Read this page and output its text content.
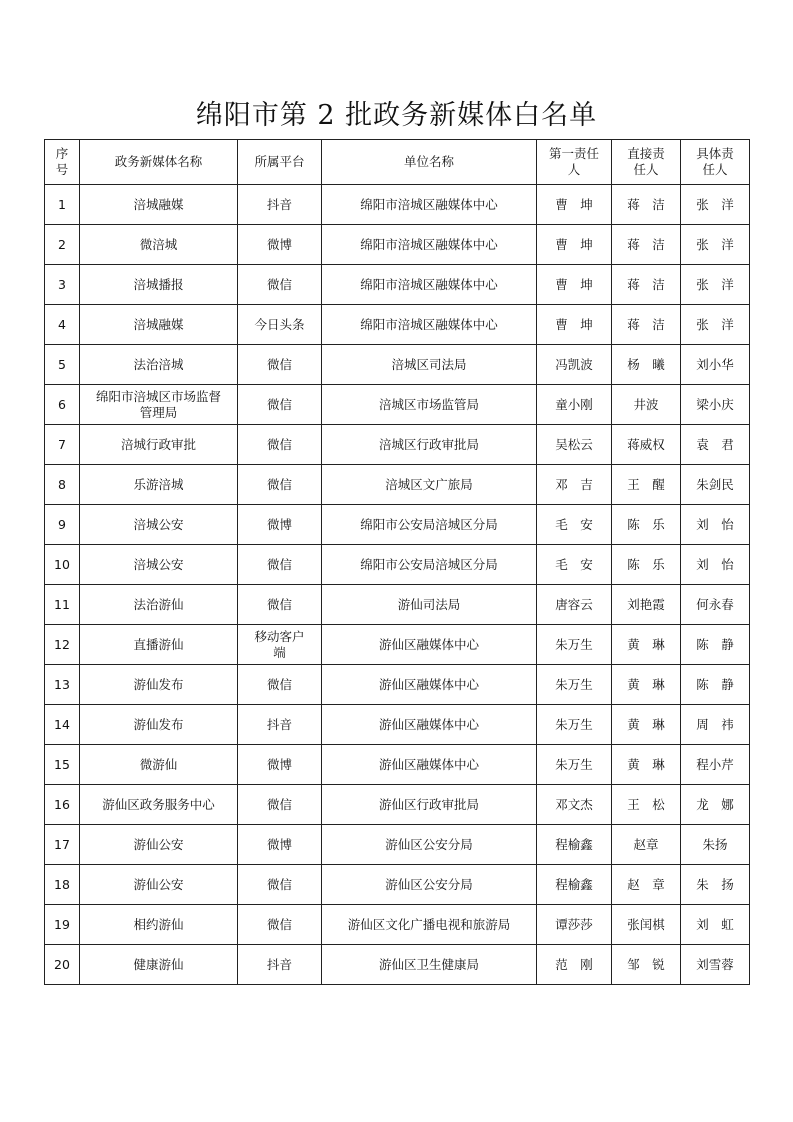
绵阳市第 2 批政务新媒体白名单
序号	政务新媒体名称	所属平台	单位名称	第一责任人	直接责任人	具体责任人
1	涪城融媒	抖音	绵阳市涪城区融媒体中心	曹　坤	蒋　洁	张　洋
2	微涪城	微博	绵阳市涪城区融媒体中心	曹　坤	蒋　洁	张　洋
3	涪城播报	微信	绵阳市涪城区融媒体中心	曹　坤	蒋　洁	张　洋
4	涪城融媒	今日头条	绵阳市涪城区融媒体中心	曹　坤	蒋　洁	张　洋
5	法治涪城	微信	涪城区司法局	冯凯波	杨　曦	刘小华
6	绵阳市涪城区市场监督管理局	微信	涪城区市场监管局	童小刚	井波	梁小庆
7	涪城行政审批	微信	涪城区行政审批局	吴松云	蒋威权	袁　君
8	乐游涪城	微信	涪城区文广旅局	邓　吉	王　醒	朱剑民
9	涪城公安	微博	绵阳市公安局涪城区分局	毛　安	陈　乐	刘　怡
10	涪城公安	微信	绵阳市公安局涪城区分局	毛　安	陈　乐	刘　怡
11	法治游仙	微信	游仙司法局	唐容云	刘艳霞	何永春
12	直播游仙	移动客户端	游仙区融媒体中心	朱万生	黄　琳	陈　静
13	游仙发布	微信	游仙区融媒体中心	朱万生	黄　琳	陈　静
14	游仙发布	抖音	游仙区融媒体中心	朱万生	黄　琳	周　祎
15	微游仙	微博	游仙区融媒体中心	朱万生	黄　琳	程小芹
16	游仙区政务服务中心	微信	游仙区行政审批局	邓文杰	王　松	龙　娜
17	游仙公安	微博	游仙区公安分局	程榆鑫	赵章	朱扬
18	游仙公安	微信	游仙区公安分局	程榆鑫	赵　章	朱　扬
19	相约游仙	微信	游仙区文化广播电视和旅游局	谭莎莎	张闰棋	刘　虹
20	健康游仙	抖音	游仙区卫生健康局	范　刚	邹　锐	刘雪蓉
